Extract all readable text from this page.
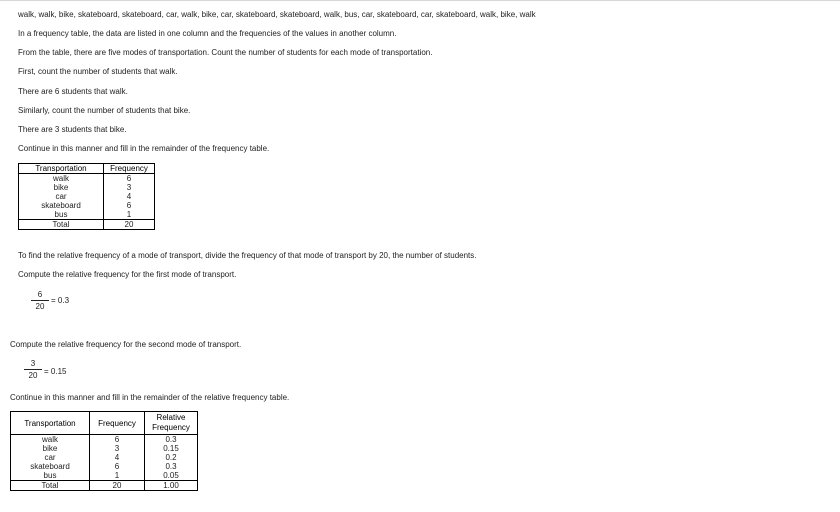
walk, walk, bike, skateboard, skateboard, car, walk, bike, car, skateboard, skateboard, walk, bus, car, skateboard, car, skateboard, walk, bike, walk
In a frequency table, the data are listed in one column and the frequencies of the values in another column.
From the table, there are five modes of transportation. Count the number of students for each mode of transportation.
First, count the number of students that walk.
There are 6 students that walk.
Similarly, count the number of students that bike.
There are 3 students that bike.
Continue in this manner and fill in the remainder of the frequency table.
Transportation	Frequency
walk	6
bike	3
car	4
skateboard	6
bus	1
Total	20
To find the relative frequency of a mode of transport, divide the frequency of that mode of transport by 20, the number of students.
Compute the relative frequency for the first mode of transport.
6
20
= 0.3
Compute the relative frequency for the second mode of transport.
3
20 = 0.15
Continue in this manner and fill in the remainder of the relative frequency table.
Transportation	Frequency	Relative Frequency
walk	6	0.3
bike	3	0.15
car	4	0.2
skateboard	6	0.3
bus	1	0.05
Total	20	1.00
